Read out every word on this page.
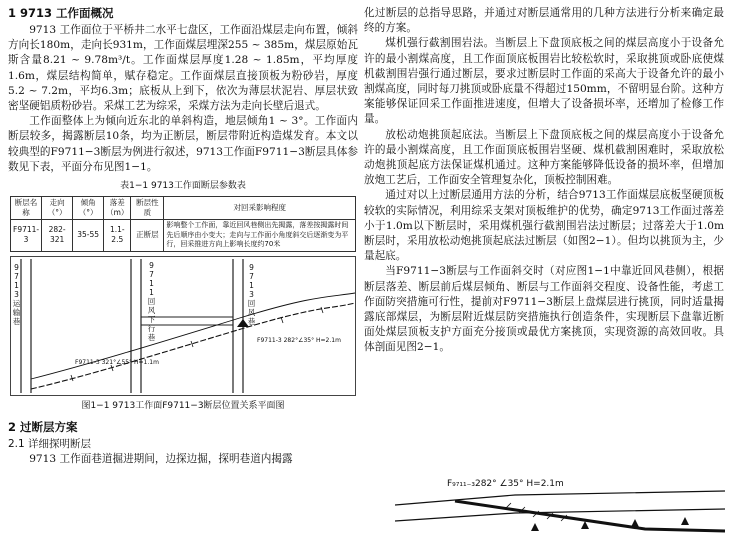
1 9713 工作面概况

9713 工作面位于平桥井二水平七盘区，工作面沿煤层走向布置，倾斜方向长180m，走向长931m，工作面煤层埋深255 ~ 385m，煤层原始瓦斯含量8.21 ~ 9.78m³/t。工作面煤层厚度1.28 ~ 1.85m，平均厚度1.6m，煤层结构简单，赋存稳定。工作面煤层直接顶板为粉砂岩，厚度5.2 ~ 7.2m，平均6.3m；底板从上到下，依次为薄层状泥岩、厚层状致密坚硬铝质粉砂岩。采煤工艺为综采，采煤方法为走向长壁后退式。

工作面整体上为倾向近东北的单斜构造，地层倾角1 ~ 3°。工作面内断层较多，揭露断层10条，均为正断层，断层带附近构造煤发育。本文以较典型的F9711−3断层为例进行叙述，9713工作面F9711−3断层具体参数见下表，平面分布见图1−1。

表1−1 9713工作面断层参数表
断层名称	走向（°）	倾角（°）	落差（m）	断层性质	对回采影响程度
F9711-3	282-321	35-55	1.1-2.5	正断层	影响整个工作面，靠近回风巷侧出先揭露，落差按揭露时间先后顺序由小变大；走向与工作面小角度斜交后逐渐变为平行，回采推进方向上影响长度约70米
9713运输巷
9711回风下行巷
9713回风巷
F9711-3 282°∠35° H=2.1m
F9711-3 321°∠55° H=1.1m
图1−1 9713工作面F9711−3断层位置关系平面图
2 过断层方案
2.1 详细探明断层

9713 工作面巷道掘进期间，边探边掘，探明巷道内揭露

化过断层的总指导思路，并通过对断层通常用的几种方法进行分析来确定最终的方案。

煤机强行截割围岩法。当断层上下盘顶底板之间的煤层高度小于设备允许的最小割煤高度，且工作面顶底板围岩比较松软时，采取挑顶或卧底使煤机截割围岩强行通过断层，要求过断层时工作面的采高大于设备允许的最小割煤高度，同时每刀挑顶或卧底量不得超过150mm，不留明显台阶。这种方案能够保证回采工作面推进速度，但增大了设备损坏率，还增加了检修工作量。

放松动炮挑顶起底法。当断层上下盘顶底板之间的煤层高度小于设备允许的最小割煤高度，且工作面顶底板围岩坚硬、煤机截割困难时，采取放松动炮挑顶起底方法保证煤机通过。这种方案能够降低设备的损坏率，但增加放炮工艺后，工作面安全管理复杂化，顶板控制困难。

通过对以上过断层通用方法的分析，结合9713工作面煤层底板坚硬顶板较软的实际情况，利用综采支架对顶板维护的优势，确定9713工作面过落差小于1.0m以下断层时，采用煤机强行截割围岩法过断层；过落差大于1.0m断层时，采用放松动炮挑顶起底法过断层（如图2−1）。但均以挑顶为主，少量起底。

当F9711−3断层与工作面斜交时（对应图1−1中靠近回风巷侧），根据断层落差、断层前后煤层倾角、断层与工作面斜交程度、设备性能，考虑工作面防突措施可行性，提前对F9711−3断层上盘煤层进行挑顶，同时适量揭露底部煤层，为断层附近煤层防突措施执行创造条件，实现断层下盘靠近断面处煤层顶板支护方面充分接顶或最优方案挑顶，实现资源的高效回收。具体剖面见图2−1。

F₉₇₁₁₋₃282° ∠35° H=2.1m
